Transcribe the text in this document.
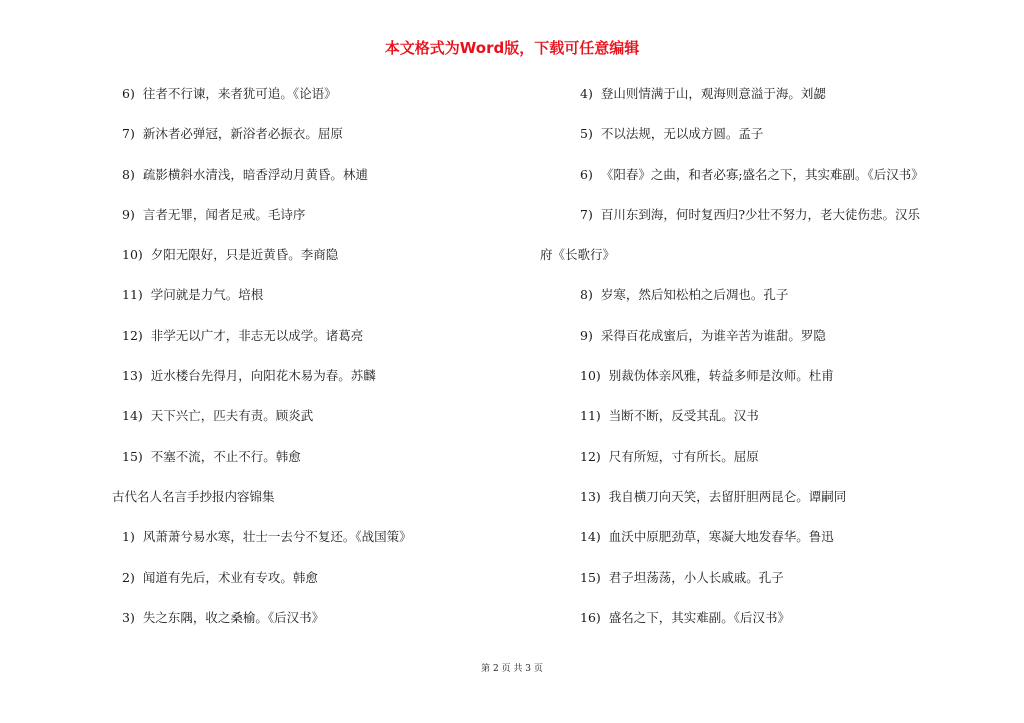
本文格式为Word版，下载可任意编辑
6) 往者不行谏，来者犹可追。《论语》
7) 新沐者必弹冠，新浴者必振衣。屈原
8) 疏影横斜水清浅，暗香浮动月黄昏。林逋
9) 言者无罪，闻者足戒。毛诗序
10) 夕阳无限好，只是近黄昏。李商隐
11) 学问就是力气。培根
12) 非学无以广才，非志无以成学。诸葛亮
13) 近水楼台先得月，向阳花木易为春。苏麟
14) 天下兴亡，匹夫有责。顾炎武
15) 不塞不流，不止不行。韩愈
古代名人名言手抄报内容锦集
1) 风萧萧兮易水寒，壮士一去兮不复还。《战国策》
2) 闻道有先后，术业有专攻。韩愈
3) 失之东隅，收之桑榆。《后汉书》
4) 登山则情满于山，观海则意溢于海。刘勰
5) 不以法规，无以成方圆。孟子
6) 《阳春》之曲，和者必寡;盛名之下，其实难副。《后汉书》
7) 百川东到海，何时复西归?少壮不努力，老大徒伤悲。汉乐
府《长歌行》
8) 岁寒，然后知松柏之后凋也。孔子
9) 采得百花成蜜后，为谁辛苦为谁甜。罗隐
10) 别裁伪体亲风雅，转益多师是汝师。杜甫
11) 当断不断，反受其乱。汉书
12) 尺有所短，寸有所长。屈原
13) 我自横刀向天笑，去留肝胆两昆仑。谭嗣同
14) 血沃中原肥劲草，寒凝大地发春华。鲁迅
15) 君子坦荡荡，小人长戚戚。孔子
16) 盛名之下，其实难副。《后汉书》
第 2 页 共 3 页
